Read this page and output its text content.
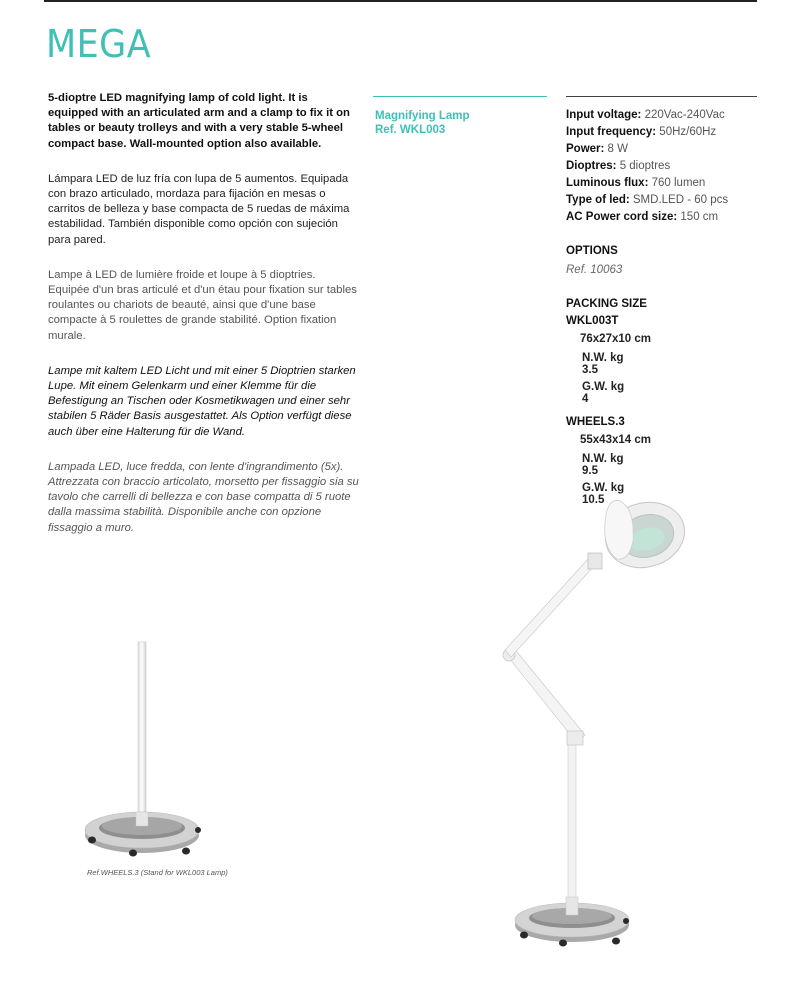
MEGA

5-dioptre LED magnifying lamp of cold light. It is equipped with an articulated arm and a clamp to fix it on tables or beauty trolleys and with a very stable 5-wheel compact base. Wall-mounted option also available.

Lámpara LED de luz fría con lupa de 5 aumentos. Equipada con brazo articulado, mordaza para fijación en mesas o carritos de belleza y base compacta de 5 ruedas de máxima estabilidad. También disponible como opción con sujeción para pared.

Lampe à LED de lumière froide et loupe à 5 dioptries. Equipée d'un bras articulé et d'un étau pour fixation sur tables roulantes ou chariots de beauté, ainsi que d'une base compacte à 5 roulettes de grande stabilité. Option fixation murale.

Lampe mit kaltem LED Licht und mit einer 5 Dioptrien starken Lupe. Mit einem Gelenkarm und einer Klemme für die Befestigung an Tischen oder Kosmetikwagen und einer sehr stabilen 5 Räder Basis ausgestattet. Als Option verfügt diese auch über eine Halterung für die Wand.

Lampada LED, luce fredda, con lente d'ingrandimento (5x). Attrezzata con braccio articolato, morsetto per fissaggio sia su tavolo che carrelli di bellezza e con base compatta di 5 ruote dalla massima stabilità. Disponibile anche con opzione fissaggio a muro.

Magnifying Lamp
Ref. WKL003
Input voltage: 220Vac-240Vac
Input frequency: 50Hz/60Hz
Power: 8 W
Dioptres: 5 dioptres
Luminous flux: 760 lumen
Type of led: SMD.LED - 60 pcs
AC Power cord size: 150 cm
OPTIONS
Ref. 10063
PACKING SIZE
WKL003T
76x27x10 cm
N.W. kg
3.5
G.W. kg
4
WHEELS.3
55x43x14 cm
N.W. kg
9.5
G.W. kg
10.5
Ref.WHEELS.3 (Stand for WKL003 Lamp)
